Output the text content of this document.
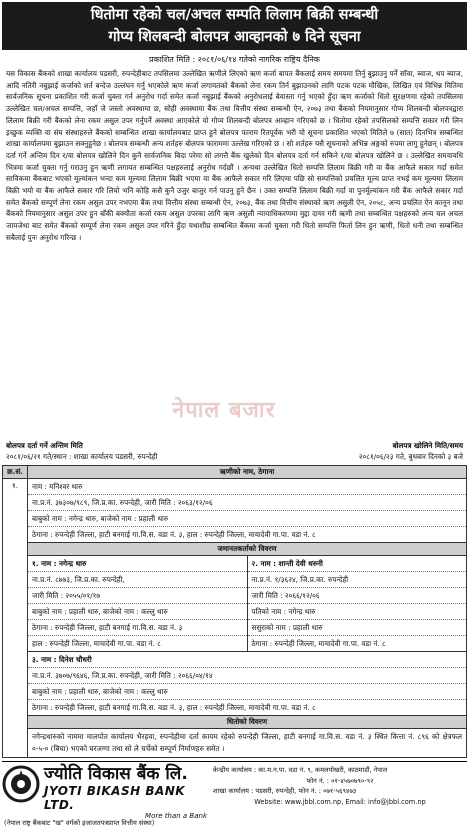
धितोमा रहेको चल/अचल सम्पति लिलाम बिक्री सम्बन्धी
गोप्य शिलबन्दी बोलपत्र आव्हानको ७ दिने सूचना
प्रकाशित मिति : २०८१/०६/१४ गतेको नागरिक राष्ट्रिय दैनिक

यस विकास बैंकको शाखा कार्यालय पडसरी, रुपन्देहीबाट तपसिलमा उल्लेखित ऋणीले लिएको ऋण कर्जा बापत बैंकलाई समय समयमा तिर्नु बुझाउनु पर्ने सॉवा, ब्याज, थप ब्याज, आदि नतिरी नबुझाई कर्जाको शर्त बन्देज उल्लंघन गर्नु भएकोले ऋण कर्जा लगायतको बैंकको लेना रकम तिर्न बुझाउनको लागि पटक पटक मौखिक, लिखित एवं विभिन्न मितिमा सार्वजनिक सूचना प्रकाशित गरी कर्जा चुक्ता गर्न अनुरोध गर्दा समेत कर्जा नबुझाई बैंकको अनुरोधलाई बेवास्ता गर्नु भएको हुँदा ऋण कर्जाको धितो सुरक्षणमा रहेको तपसिलमा उल्लेखित चल/अचल सम्पत्ति, जहाँ जे जस्तो अवस्थामा छ, सोही अवस्थामा बैंक तथा वित्तीय संस्था सम्बन्धी ऐन, २०७३ तथा बैंकको नियमानुसार गोप्य शिलबन्दी बोलपत्रद्वारा लिलाम बिक्री गरी बैंकको लेना रकम असुल उपर गर्नुपर्ने अवस्था आएकोले यो गोप्य शिलबन्दी बोलपत्र आव्हान गरिएको छ । धितोमा रहेको तपसिलको सम्पत्ति सकार गरी लिन इच्छुक व्यक्ति वा संघ संस्थाहरुले बैंकको सम्बन्धित शाखा कार्यालयबाट प्राप्त हुने बोलपत्र फाराम रितपूर्वक भरी यो सूचना प्रकाशित भएको मितिले ७ (सात) दिनभित्र सम्बन्धित शाखा कार्यालयमा बुझाउन सक्नुहुनेछ । बोलपत्र सम्बन्धी अन्य शर्तहरु बोलपत्र फाराममा उल्लेख गरिएको छ । सो शर्तहरु यसै सूचनाको अभिन्न अङ्गको रुपमा लागु हुनेछन् । बोलपत्र दर्ता गर्ने अन्तिम दिन र/वा बोलपत्र खोलिने दिन कुनै सार्वजनिक बिदा परेमा सो लगत्तै बैंक खुलेको दिन बोलपत्र दर्ता गर्न सकिने र/वा बोलपत्र खोलिने छ । उल्लेखित समयावधि भित्रमा कर्जा चुक्ता गर्नु गराउनु हुन ऋणी लगायत सम्बन्धित पक्षहरुलाई अनुरोध गर्दछौं । अन्यथा उल्लेखित धितो सम्पत्ति लिलाम बिक्री गरी वा बैंक आफैले सकार गर्दा समेत साविकमा बैंकबाट भएको मूल्यांकन भन्दा कम मूल्यमा लिलाम बिक्री भएमा वा बैंक आफैले सकार गरि लिएमा पछि सो सम्पत्तिको प्रचलित मूल्य प्राप्त नभई कम मूल्यमा लिलाम बिक्री भयो वा बैंक आफैले सकार गरि लियो भनि कोहि कसै कुनै उजुर बाजुर गर्न पाउनु हुने छैन । उक्त सम्पत्ति लिलाम बिक्री गर्दा वा पुनर्मूल्यांकन गरी बैंक आफैले सकार गर्दा समेत बैंकको सम्पूर्ण लेना रकम असुल उपर नभएमा बैंक तथा वित्तीय संस्था सम्बन्धी ऐन, २०७३, बैंक तथा वित्तीय संस्थाको ऋण असुली ऐन, २०५८, अन्य प्रचलित ऐन कानून तथा बैंकको नियमानुसार असुल उपर हुन बाँकी बक्यौता कर्जा रकम असुल उपरका लागि ऋण असुली न्यायाधिकरणमा मुद्दा दायर गरी ऋणी तथा सम्बन्धित पक्षहरुको अन्य चल अचल जायजेथा बाट समेत बैंकको सम्पूर्ण लेना रकम असुल उपर गरिने हुँदा यथाशीघ्र सम्बन्धित बैंकमा कर्जा चुक्ता गरी धितो सम्पत्ति फिर्ता लिन हुन ऋणी, धितो धनी तथा सम्बन्धित सबैलाई पुनः अनुरोध गरिन्छ ।

बोलपत्र दर्ता गर्ने अन्तिम मिति	बोलपत्र खोलिने मिति/समय
२०८१/०६/२१ गते/स्थान : शाखा कार्यालय पडसरी, रुपन्देही	२०८१/०६/२३ गते, बुधबार दिनको ३ बजे
नेपाल बजार
क्र.सं.	ऋणीको नाम, ठेगाना
१.	नाम : मनिश्वर थारु
ना.प्र.नं. ३७३०७/९८९, जि.प्र.का. रुपन्देही, जारी मिति : २०६३/१२/०६
बाबुको नाम : नगेन्द्र थारु, बाजेको नाम : प्रहाली थारु
ठेगाना : रुपन्देही जिल्ला, हाटी बनगाई गा.वि.स. वडा नं. ३, हाल : रुपन्देही जिल्ला, मायादेवी गा.पा. वडा नं. ८

जमानतकर्ताको विवरण

१. नाम : नगेन्द्र थारु
ना.प्र.नं. ८७७३, जि.प्र.का. रुपन्देही,
जारी मिति : २०५५/०१/१७
बाबुको नाम : प्रहाली थारु, बाजेको नाम : कल्लु थारु
ठेगाना : रुपन्देही जिल्ला, हाटी बनगाई गा.वि.स. वडा नं. ३
हाल : रुपन्देही जिल्ला, मायादेवी गा.पा. वडा नं. ८

२. नाम : शान्ती देवी थरुनी
ना.प्र.नं. १/३६२४, जि.प्र.का. रुपन्देही
जारी मिति : २०६६/१२/०६
पतिको नाम : नगेन्द्र थारु
ससुराको नाम : प्रहाली थारु
ठेगाना : रुपन्देही जिल्ला, मायादेवी गा.पा. वडा नं. ८

३. नाम : दिनेश चौधरी
ना.प्र.नं. ३७०७/९६४६, जि.प्र.का. रुपन्देही, जारी मिति : २०६६/०४/१४
बाबुको नाम : प्रहाली थारु, बाजेको नाम : कल्लु थारु
ठेगाना : रुपन्देही जिल्ला, हाटी बनगाई गा.वि.स. वडा नं. ३, हाल : रुपन्देही जिल्ला, मायादेवी गा.पा. वडा नं. ८

धितोको विवरण
नगेन्द्रथारुको नाममा मालपोत कार्यालय भैरहवा, रुपन्देहीमा दर्ता कायम रहेको रुपन्देही जिल्ला, हाटी बनगाई गा.वि.स. वडा नं. ३ स्थित कित्ता नं. ८९६ को क्षेत्रफल ०-५-० (बिघा) भएको घरजग्गा तथा सो ले चर्चेको सम्पूर्ण निर्माणहरु समेत ।
ज्योति विकास बैंक लि.
JYOTI BIKASH BANK LTD.
More than a Bank
केन्द्रीय कार्यालय : का.म.न.पा. वडा नं. ९, कमलपोखरी, काठमाडौं, नेपाल
फोन नं. : ०१-४५७०७९०-९२
शाखा कार्यालय : पडसरी, रुपन्देही, फोन नं. : ०७१-५६९४७३
Website: www.jbbl.com.np, Email: info@jbbl.com.np
(नेपाल राष्ट्र बैंकबाट "ख" वर्गको इजाजतपत्रप्राप्त वित्तीय संस्था)
